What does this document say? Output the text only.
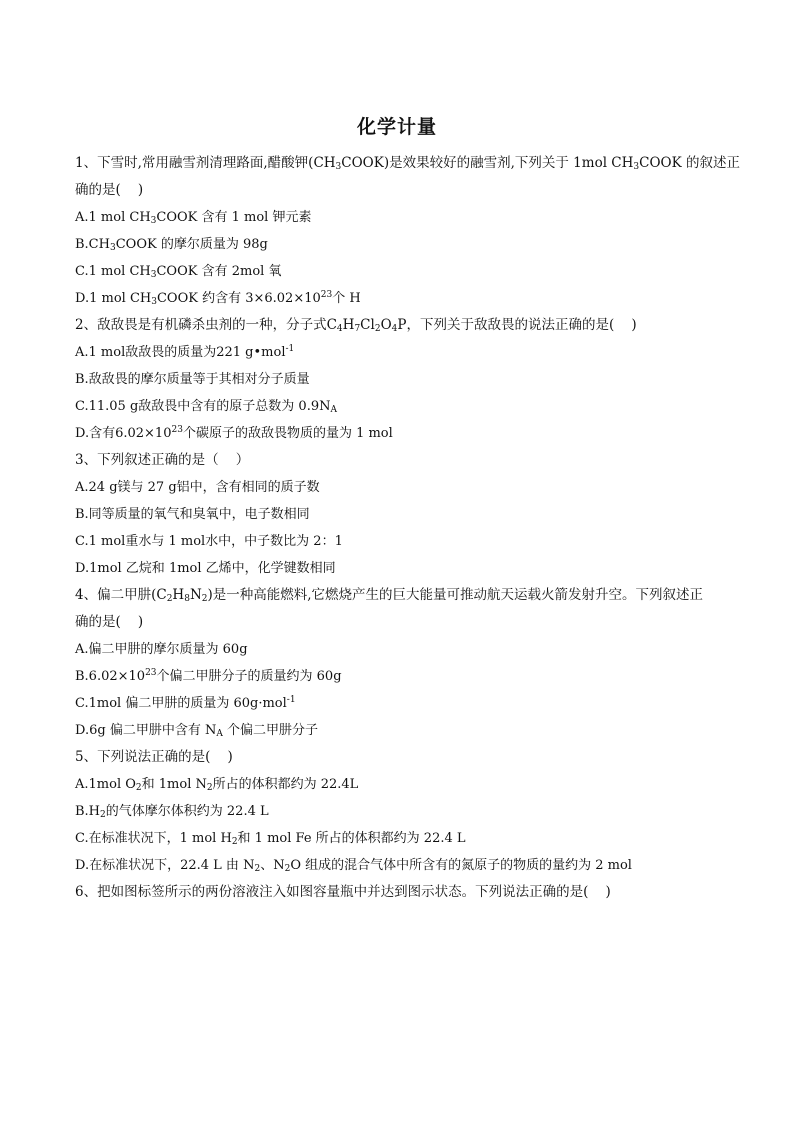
化学计量
1、下雪时,常用融雪剂清理路面,醋酸钾$(CH_3COOK)$是效果较好的融雪剂,下列关于 1mol $CH_3COOK$ 的叙述正
确的是(    )
A.1 mol $CH_3COOK$ 含有 1 mol 钾元素
$B.CH_3COOK$ 的摩尔质量为 98g
C.1 mol $CH_3COOK$ 含有 2mol 氧
D.1 mol $CH_3COOK$ 约含有 $3\times 6.02\times 10^{23}$个 H
2、敌敌畏是有机磷杀虫剂的一种，分子式$C_4H_7Cl_2O_4P$，下列关于敌敌畏的说法正确的是(    )
A.1 mol敌敌畏的质量为221 g•mol$^{-1}$
B.敌敌畏的摩尔质量等于其相对分子质量
C.11.05 g敌敌畏中含有的原子总数为 $0.9N_A$
D.含有$6.02\times 10^{23}$个碳原子的敌敌畏物质的量为 1 mol
3、下列叙述正确的是（    ）
A.24 g镁与 27 g铝中，含有相同的质子数
B.同等质量的氧气和臭氧中，电子数相同
C.1 mol重水与 1 mol水中，中子数比为 2：1
D.1mol 乙烷和 1mol 乙烯中，化学键数相同
4、偏二甲肼$(C_2H_8N_2)$是一种高能燃料,它燃烧产生的巨大能量可推动航天运载火箭发射升空。下列叙述正
确的是(    )
A.偏二甲肼的摩尔质量为 60g
$B.6.02\times 10^{23}$个偏二甲肼分子的质量约为 60g
C.1mol 偏二甲肼的质量为 60g·mol$^{-1}$
D.6g 偏二甲肼中含有 $N_A$ 个偏二甲肼分子
5、下列说法正确的是(    )
A.1mol $O_2$和 1mol $N_2$所占的体积都约为 22.4L
$B.H_2$的气体摩尔体积约为 22.4 L
C.在标准状况下，1 mol $H_2$和 1 mol Fe 所占的体积都约为 22.4 L
D.在标准状况下，22.4 L 由 $N_2$、$N_2O$ 组成的混合气体中所含有的氮原子的物质的量约为 2 mol
6、把如图标签所示的两份溶液注入如图容量瓶中并达到图示状态。下列说法正确的是(    )
